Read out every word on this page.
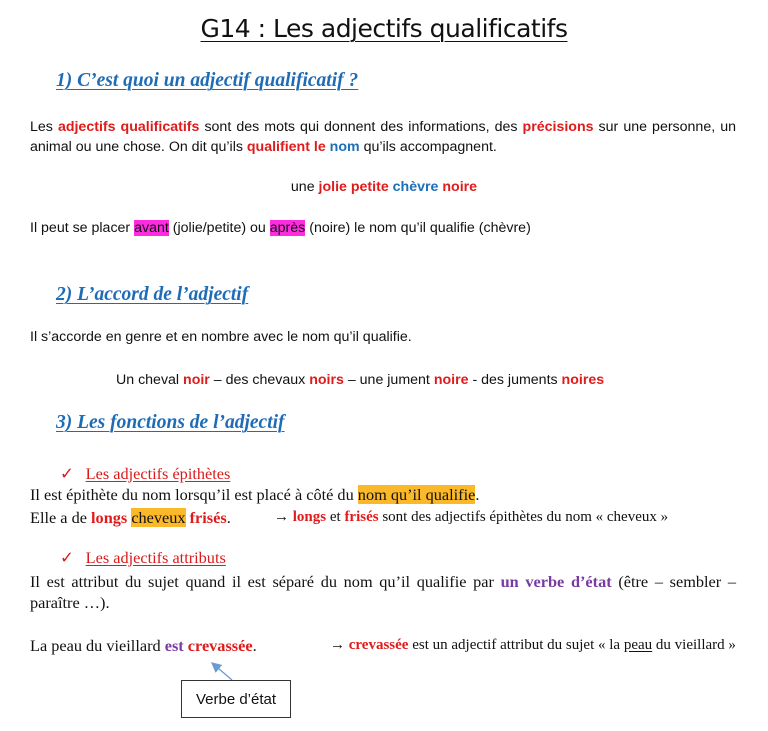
G14 : Les adjectifs qualificatifs
1) C’est quoi un adjectif qualificatif ?
Les adjectifs qualificatifs sont des mots qui donnent des informations, des précisions sur une personne, un animal ou une chose. On dit qu’ils qualifient le nom qu’ils accompagnent.
une jolie petite chèvre noire
Il peut se placer avant (jolie/petite) ou après (noire) le nom qu’il qualifie (chèvre)
2) L’accord de l’adjectif
Il s’accorde en genre et en nombre avec le nom qu’il qualifie.
Un cheval noir – des chevaux noirs – une jument noire - des juments noires
3) Les fonctions de l’adjectif
✓ Les adjectifs épithètes
Il est épithète du nom lorsqu’il est placé à côté du nom qu’il qualifie.
Elle a de longs cheveux frisés.	→ longs et frisés sont des adjectifs épithètes du nom « cheveux »
✓ Les adjectifs attributs
Il est attribut du sujet quand il est séparé du nom qu’il qualifie par un verbe d’état (être – sembler – paraître …).
La peau du vieillard est crevassée.	→ crevassée est un adjectif attribut du sujet « la peau du vieillard »
Verbe d’état
